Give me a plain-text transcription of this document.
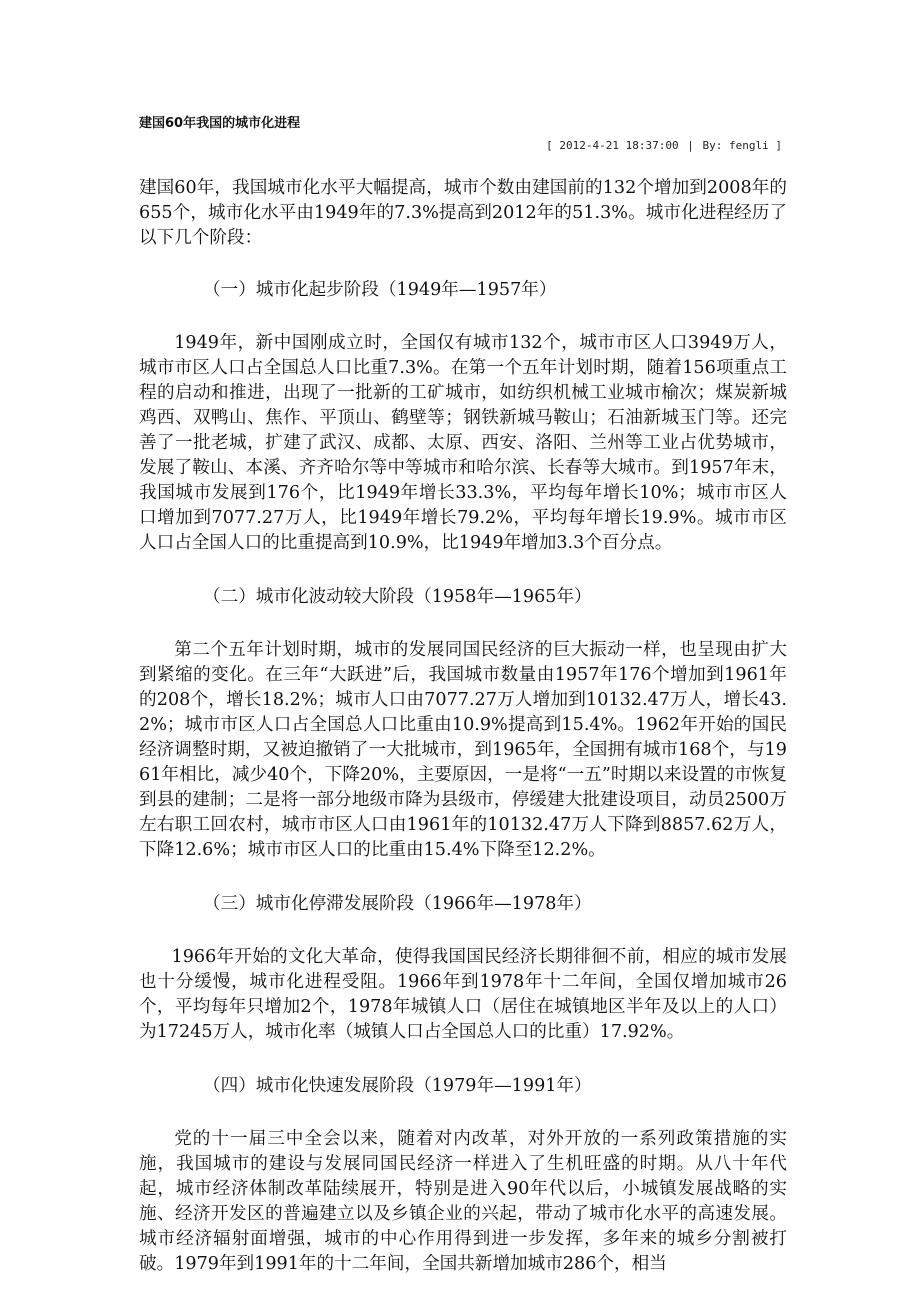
建国60年我国的城市化进程
[ 2012-4-21 18:37:00 | By: fengli ]

建国60年，我国城市化水平大幅提高，城市个数由建国前的132个增加到2008年的655个，城市化水平由1949年的7.3%提高到2012年的51.3%。城市化进程经历了以下几个阶段：

（一）城市化起步阶段（1949年—1957年）

1949年，新中国刚成立时，全国仅有城市132个，城市市区人口3949万人，城市市区人口占全国总人口比重7.3%。在第一个五年计划时期，随着156项重点工程的启动和推进，出现了一批新的工矿城市，如纺织机械工业城市榆次；煤炭新城鸡西、双鸭山、焦作、平顶山、鹤壁等；钢铁新城马鞍山；石油新城玉门等。还完善了一批老城，扩建了武汉、成都、太原、西安、洛阳、兰州等工业占优势城市，发展了鞍山、本溪、齐齐哈尔等中等城市和哈尔滨、长春等大城市。到1957年末，我国城市发展到176个，比1949年增长33.3%，平均每年增长10%；城市市区人口增加到7077.27万人，比1949年增长79.2%，平均每年增长19.9%。城市市区人口占全国人口的比重提高到10.9%，比1949年增加3.3个百分点。

（二）城市化波动较大阶段（1958年—1965年）

第二个五年计划时期，城市的发展同国民经济的巨大振动一样，也呈现由扩大到紧缩的变化。在三年“大跃进”后，我国城市数量由1957年176个增加到1961年的208个，增长18.2%；城市人口由7077.27万人增加到10132.47万人，增长43.2%；城市市区人口占全国总人口比重由10.9%提高到15.4%。1962年开始的国民经济调整时期，又被迫撤销了一大批城市，到1965年，全国拥有城市168个，与1961年相比，减少40个，下降20%，主要原因，一是将“一五”时期以来设置的市恢复到县的建制；二是将一部分地级市降为县级市，停缓建大批建设项目，动员2500万左右职工回农村，城市市区人口由1961年的10132.47万人下降到8857.62万人，下降12.6%；城市市区人口的比重由15.4%下降至12.2%。

（三）城市化停滞发展阶段（1966年—1978年）

1966年开始的文化大革命，使得我国国民经济长期徘徊不前，相应的城市发展也十分缓慢，城市化进程受阻。1966年到1978年十二年间，全国仅增加城市26个，平均每年只增加2个，1978年城镇人口（居住在城镇地区半年及以上的人口）为17245万人，城市化率（城镇人口占全国总人口的比重）17.92%。

（四）城市化快速发展阶段（1979年—1991年）

党的十一届三中全会以来，随着对内改革，对外开放的一系列政策措施的实施，我国城市的建设与发展同国民经济一样进入了生机旺盛的时期。从八十年代起，城市经济体制改革陆续展开，特别是进入90年代以后，小城镇发展战略的实施、经济开发区的普遍建立以及乡镇企业的兴起，带动了城市化水平的高速发展。城市经济辐射面增强，城市的中心作用得到进一步发挥，多年来的城乡分割被打破。1979年到1991年的十二年间，全国共新增加城市286个，相当
